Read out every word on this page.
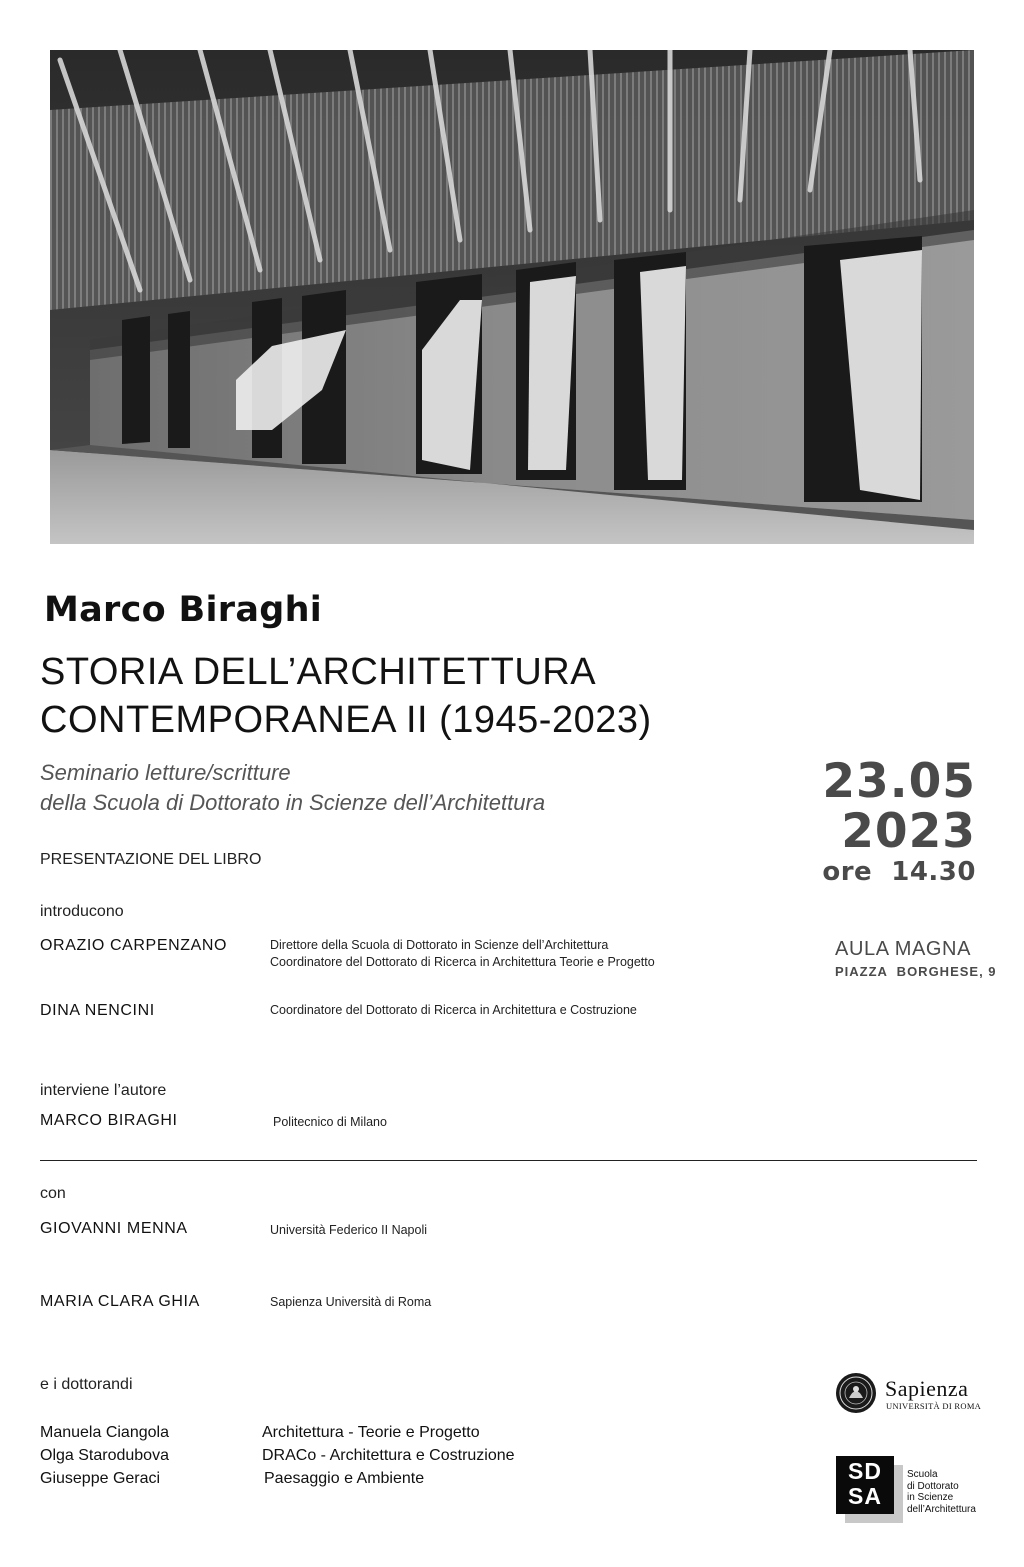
Marco Biraghi
STORIA DELL’ARCHITETTURA
CONTEMPORANEA II (1945-2023)
Seminario letture/scritture
della Scuola di Dottorato in Scienze dell’Architettura
PRESENTAZIONE DEL LIBRO
introducono
ORAZIO CARPENZANO	Direttore della Scuola di Dottorato in Scienze dell’Architettura
Coordinatore del Dottorato di Ricerca in Architettura Teorie e Progetto
DINA NENCINI	Coordinatore del Dottorato di Ricerca in Architettura e Costruzione
interviene l’autore
MARCO BIRAGHI	Politecnico di Milano
con
GIOVANNI MENNA	Università Federico II Napoli
MARIA CLARA GHIA	Sapienza Università di Roma
e i dottorandi
Manuela Ciangola	Architettura - Teorie e Progetto
Olga Starodubova	DRACo - Architettura e Costruzione
Giuseppe Geraci	Paesaggio e Ambiente
23.05
2023
ore  14.30
AULA MAGNA
PIAZZA  BORGHESE, 9
Sapienza
UNIVERSITÀ DI ROMA
SD
SA
Scuola
di Dottorato
in Scienze
dell’Architettura
